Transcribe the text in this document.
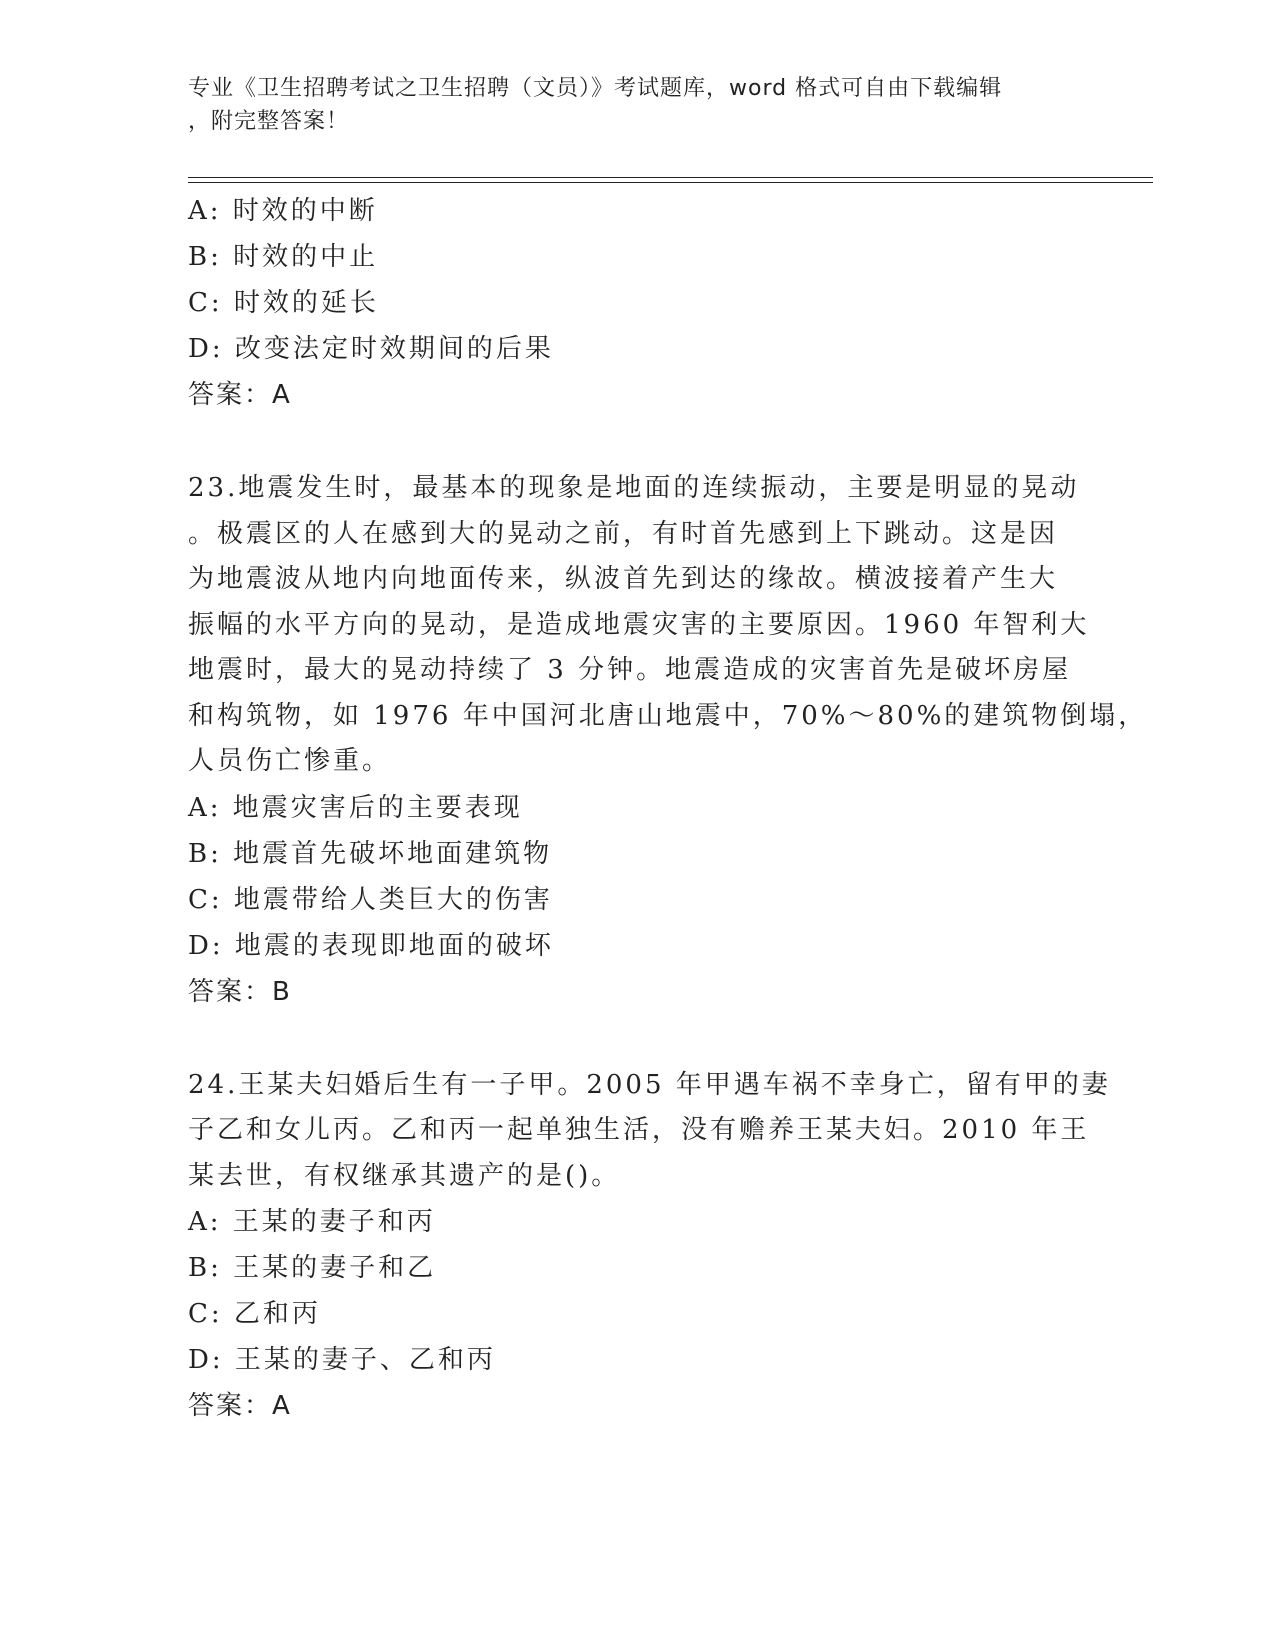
专业《卫生招聘考试之卫生招聘（文员）》考试题库，word 格式可自由下载编辑
，附完整答案！
A: 时效的中断
B: 时效的中止
C: 时效的延长
D: 改变法定时效期间的后果
答案：A
23.地震发生时，最基本的现象是地面的连续振动，主要是明显的晃动
。极震区的人在感到大的晃动之前，有时首先感到上下跳动。这是因
为地震波从地内向地面传来，纵波首先到达的缘故。横波接着产生大
振幅的水平方向的晃动，是造成地震灾害的主要原因。1960 年智利大
地震时，最大的晃动持续了 3 分钟。地震造成的灾害首先是破坏房屋
和构筑物，如 1976 年中国河北唐山地震中，70%～80%的建筑物倒塌，
人员伤亡惨重。
A: 地震灾害后的主要表现
B: 地震首先破坏地面建筑物
C: 地震带给人类巨大的伤害
D: 地震的表现即地面的破坏
答案：B
24.王某夫妇婚后生有一子甲。2005 年甲遇车祸不幸身亡，留有甲的妻
子乙和女儿丙。乙和丙一起单独生活，没有赡养王某夫妇。2010 年王
某去世，有权继承其遗产的是()。
A: 王某的妻子和丙
B: 王某的妻子和乙
C: 乙和丙
D: 王某的妻子、乙和丙
答案：A
